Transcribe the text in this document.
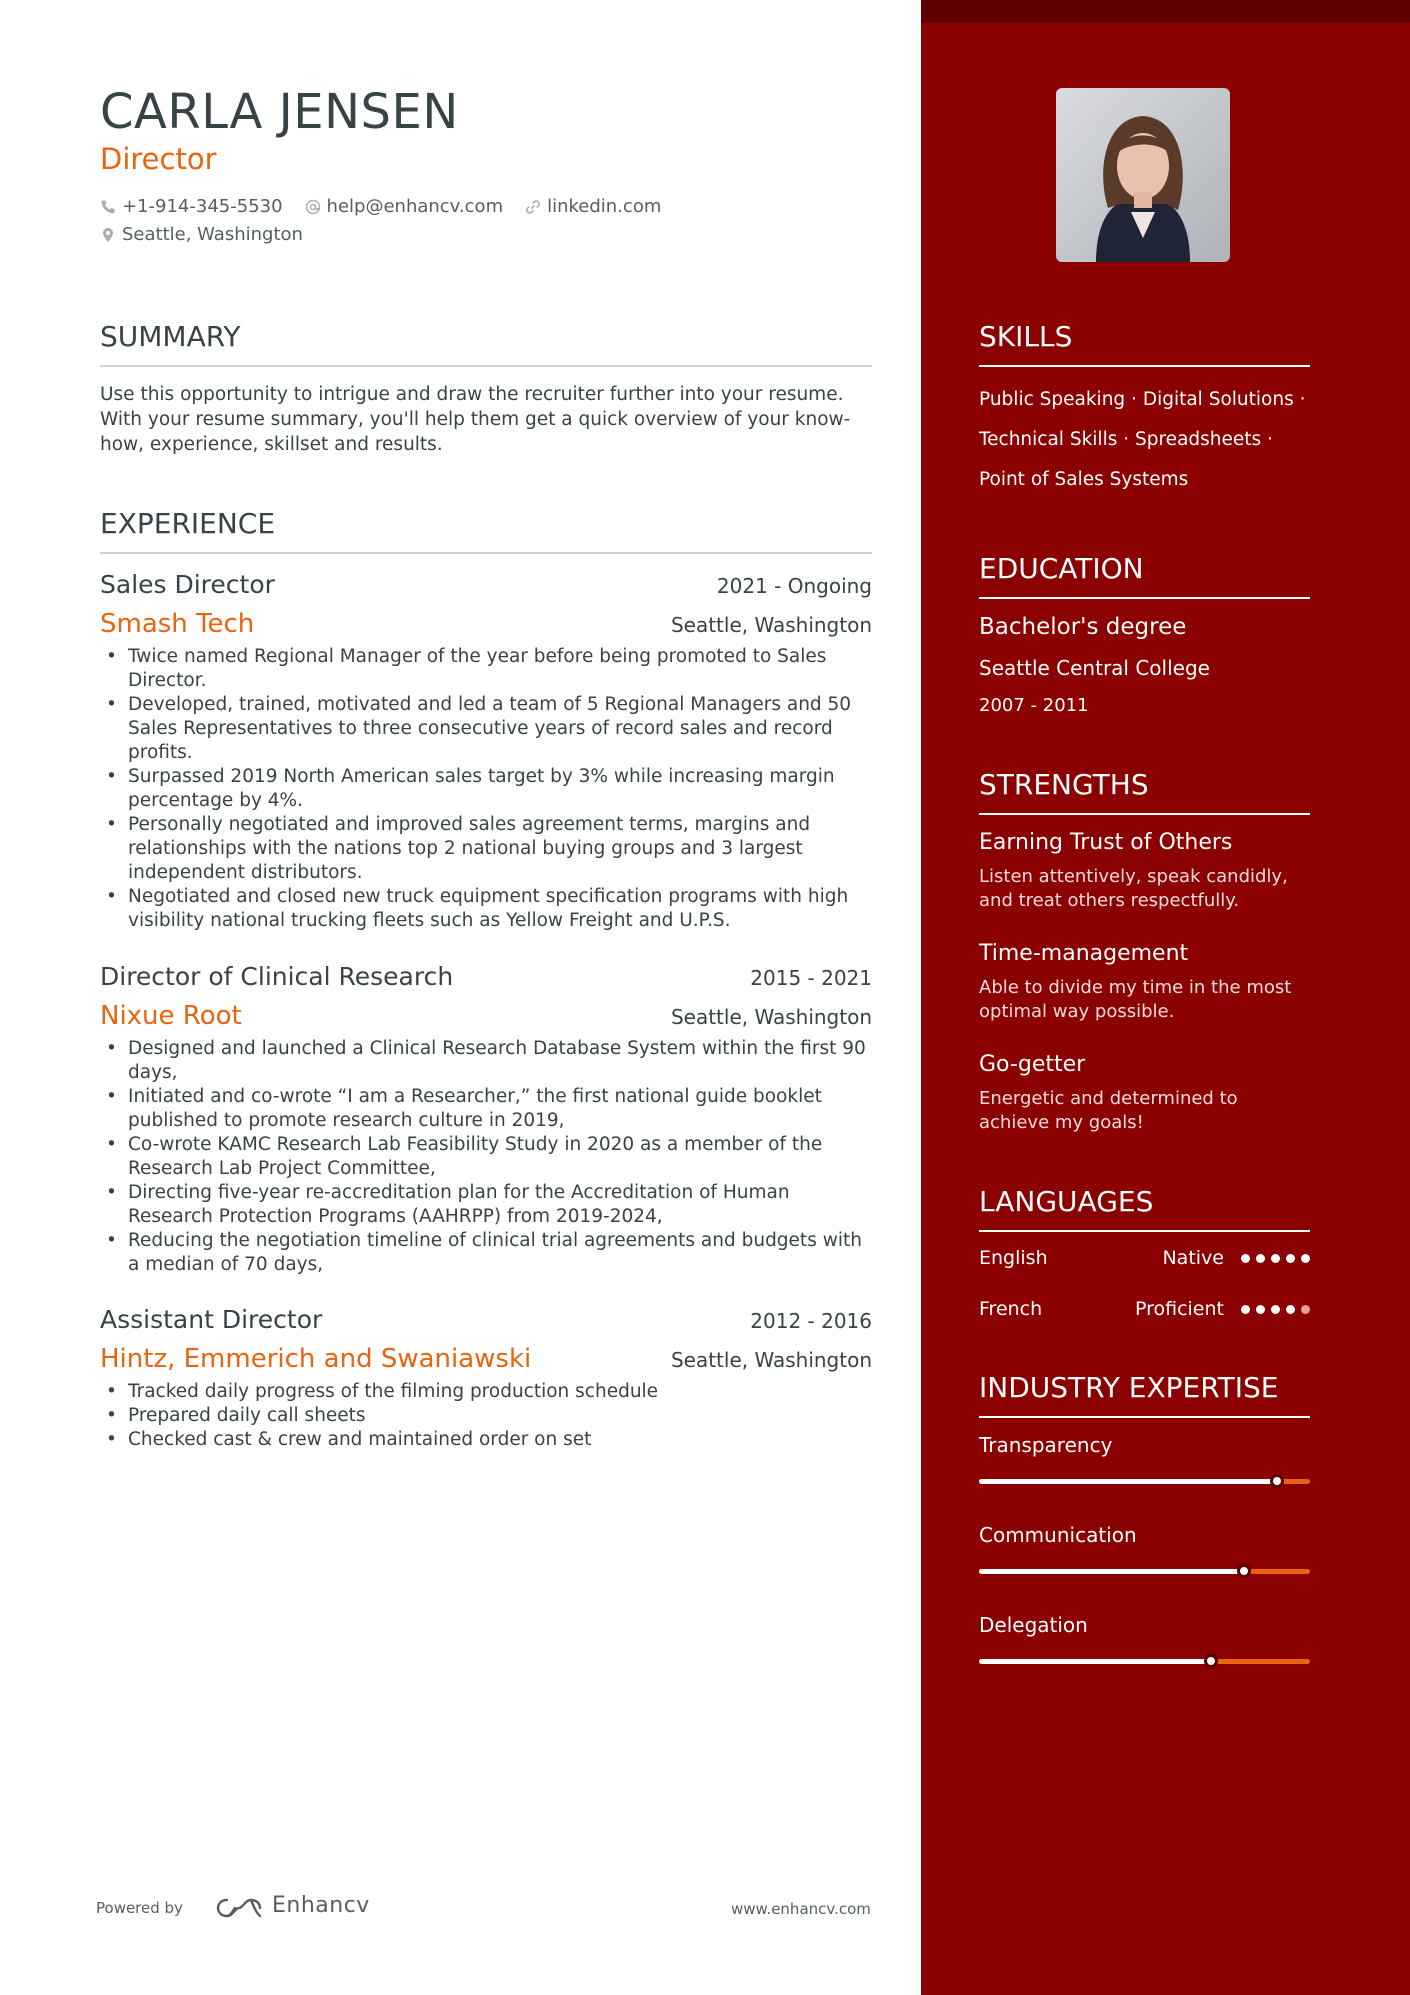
CARLA JENSEN
Director
+1-914-345-5530 help@enhancv.com linkedin.com
Seattle, Washington
SUMMARY
Use this opportunity to intrigue and draw the recruiter further into your resume. With your resume summary, you'll help them get a quick overview of your know-how, experience, skillset and results.
EXPERIENCE
Sales Director	2021 - Ongoing
Smash Tech	Seattle, Washington
• Twice named Regional Manager of the year before being promoted to Sales Director.
• Developed, trained, motivated and led a team of 5 Regional Managers and 50 Sales Representatives to three consecutive years of record sales and record profits.
• Surpassed 2019 North American sales target by 3% while increasing margin percentage by 4%.
• Personally negotiated and improved sales agreement terms, margins and relationships with the nations top 2 national buying groups and 3 largest independent distributors.
• Negotiated and closed new truck equipment specification programs with high visibility national trucking fleets such as Yellow Freight and U.P.S.
Director of Clinical Research	2015 - 2021
Nixue Root	Seattle, Washington
• Designed and launched a Clinical Research Database System within the first 90 days,
• Initiated and co-wrote “I am a Researcher,” the first national guide booklet published to promote research culture in 2019,
• Co-wrote KAMC Research Lab Feasibility Study in 2020 as a member of the Research Lab Project Committee,
• Directing five-year re-accreditation plan for the Accreditation of Human Research Protection Programs (AAHRPP) from 2019-2024,
• Reducing the negotiation timeline of clinical trial agreements and budgets with a median of 70 days,
Assistant Director	2012 - 2016
Hintz, Emmerich and Swaniawski	Seattle, Washington
• Tracked daily progress of the filming production schedule
• Prepared daily call sheets
• Checked cast & crew and maintained order on set
Powered by	Enhancv	www.enhancv.com
SKILLS
Public Speaking · Digital Solutions ·
Technical Skills · Spreadsheets ·
Point of Sales Systems
EDUCATION
Bachelor's degree
Seattle Central College
2007 - 2011
STRENGTHS
Earning Trust of Others
Listen attentively, speak candidly, and treat others respectfully.
Time-management
Able to divide my time in the most optimal way possible.
Go-getter
Energetic and determined to achieve my goals!
LANGUAGES
English	Native
French	Proficient
INDUSTRY EXPERTISE
Transparency
Communication
Delegation
